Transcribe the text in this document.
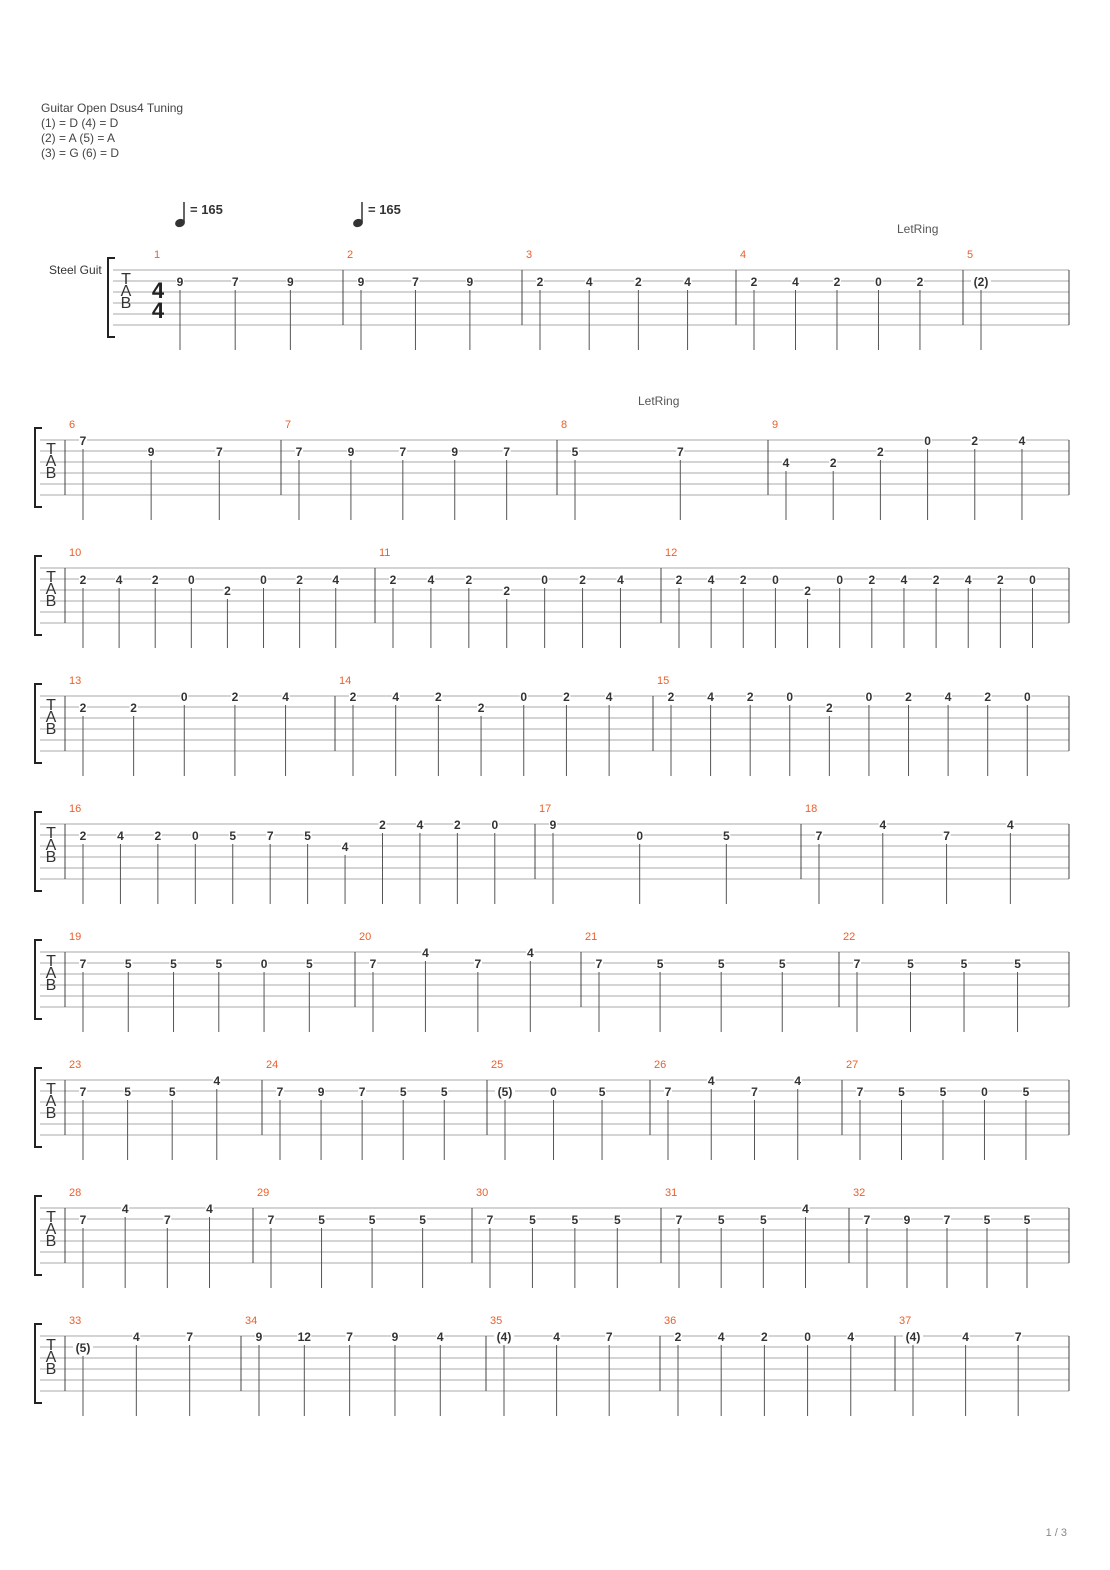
Guitar Open Dsus4 Tuning
(1) = D (4) = D
(2) = A (5) = A
(3) = G (6) = D
T
A
B
Steel Guit
4
4
1
9	7	9
2
9	7	9
3
2	4	2	4
4
2	4	2	0	2
5
(2)
T
A
B
6
7
9	7
7
7	9	7	9	7
8
5	7
9
4	2
2
0	2	4
T
A
B
10
2 4 2 0
2
0 2 4
11
2	4	2
2
0	2	4
12
2 4 2 0
2
0 2 4 2 4 2 0
T
A
B
13
2	2
0	2	4
14
2	4	2
2
0	2	4
15
2	4	2	0
2
0	2	4	2	0
T
A
B
16
2	4	2	0	5	7	5
4
2	4	2	0
17
9
0	5
18
7
4
7
4
T
A
B
19
7	5	5	5	0	5
20
7
4
7
4
21
7	5	5	5
22
7	5	5	5
T
A
B
23
7	5	5
4
24
7	9	7	5	5
25
(5)	0	5
26
7
4
7
4
27
7	5	5	0	5
T
A
B
28
7
4
7
4
29
7	5	5	5
30
7	5	5	5
31
7	5	5
4
32
7	9	7	5	5
T
A
B
33
(5)
4	7
34
9	12	7	9	4
35
(4)	4	7
36
2	4	2	0	4
37
(4)	4	7
= 165	= 165
LetRing
LetRing
1 / 3
